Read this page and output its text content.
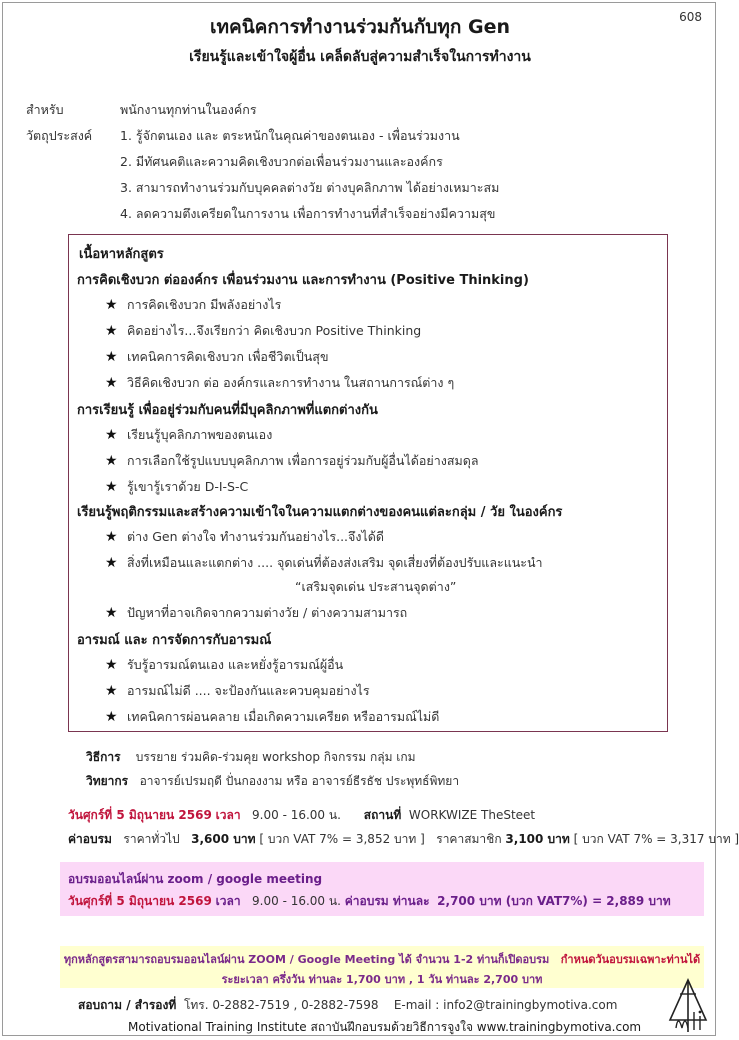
608
เทคนิคการทำงานร่วมกันกับทุก Gen
เรียนรู้และเข้าใจผู้อื่น เคล็ดลับสู่ความสำเร็จในการทำงาน
สำหรับ	พนักงานทุกท่านในองค์กร
วัตถุประสงค์ 1. รู้จักตนเอง และ ตระหนักในคุณค่าของตนเอง - เพื่อนร่วมงาน
2. มีทัศนคติและความคิดเชิงบวกต่อเพื่อนร่วมงานและองค์กร
3. สามารถทำงานร่วมกับบุคคลต่างวัย ต่างบุคลิกภาพ ได้อย่างเหมาะสม
4. ลดความตึงเครียดในการงาน เพื่อการทำงานที่สำเร็จอย่างมีความสุข
เนื้อหาหลักสูตร
การคิดเชิงบวก ต่อองค์กร เพื่อนร่วมงาน และการทำงาน (Positive Thinking)
★ การคิดเชิงบวก มีพลังอย่างไร
★ คิดอย่างไร...จึงเรียกว่า คิดเชิงบวก Positive Thinking
★ เทคนิคการคิดเชิงบวก เพื่อชีวิตเป็นสุข
★ วิธีคิดเชิงบวก ต่อ องค์กรและการทำงาน ในสถานการณ์ต่าง ๆ
การเรียนรู้ เพื่ออยู่ร่วมกับคนที่มีบุคลิกภาพที่แตกต่างกัน
★ เรียนรู้บุคลิกภาพของตนเอง
★ การเลือกใช้รูปแบบบุคลิกภาพ เพื่อการอยู่ร่วมกับผู้อื่นได้อย่างสมดุล
★ รู้เขารู้เราด้วย D-I-S-C
เรียนรู้พฤติกรรมและสร้างความเข้าใจในความแตกต่างของคนแต่ละกลุ่ม / วัย ในองค์กร
★ ต่าง Gen ต่างใจ ทำงานร่วมกันอย่างไร...จึงได้ดี
★ สิ่งที่เหมือนและแตกต่าง .... จุดเด่นที่ต้องส่งเสริม จุดเสี่ยงที่ต้องปรับและแนะนำ
“เสริมจุดเด่น ประสานจุดต่าง”
★ ปัญหาที่อาจเกิดจากความต่างวัย / ต่างความสามารถ
อารมณ์ และ การจัดการกับอารมณ์
★ รับรู้อารมณ์ตนเอง และหยั่งรู้อารมณ์ผู้อื่น
★ อารมณ์ไม่ดี .... จะป้องกันและควบคุมอย่างไร
★ เทคนิคการผ่อนคลาย เมื่อเกิดความเครียด หรืออารมณ์ไม่ดี
วิธีการ บรรยาย ร่วมคิด-ร่วมคุย workshop กิจกรรม กลุ่ม เกม
วิทยากร อาจารย์เปรมฤดี ปั่นกองงาม หรือ อาจารย์ธีรธัช ประพุทธ์พิทยา
วันศุกร์ที่ 5 มิถุนายน 2569 เวลา 9.00 - 16.00 น. สถานที่ WORKWIZE TheSteet
ค่าอบรม ราคาทั่วไป 3,600 บาท [ บวก VAT 7% = 3,852 บาท ] ราคาสมาชิก 3,100 บาท [ บวก VAT 7% = 3,317 บาท ]
อบรมออนไลน์ผ่าน zoom / google meeting
วันศุกร์ที่ 5 มิถุนายน 2569 เวลา 9.00 - 16.00 น. ค่าอบรม ท่านละ 2,700 บาท (บวก VAT7%) = 2,889 บาท
ทุกหลักสูตรสามารถอบรมออนไลน์ผ่าน ZOOM / Google Meeting ได้ จำนวน 1-2 ท่านก็เปิดอบรม กำหนดวันอบรมเฉพาะท่านได้
ระยะเวลา ครึ่งวัน ท่านละ 1,700 บาท , 1 วัน ท่านละ 2,700 บาท
สอบถาม / สำรองที่ โทร. 0-2882-7519 , 0-2882-7598 E-mail : info2@trainingbymotiva.com
Motivational Training Institute สถาบันฝึกอบรมด้วยวิธีการจูงใจ www.trainingbymotiva.com
